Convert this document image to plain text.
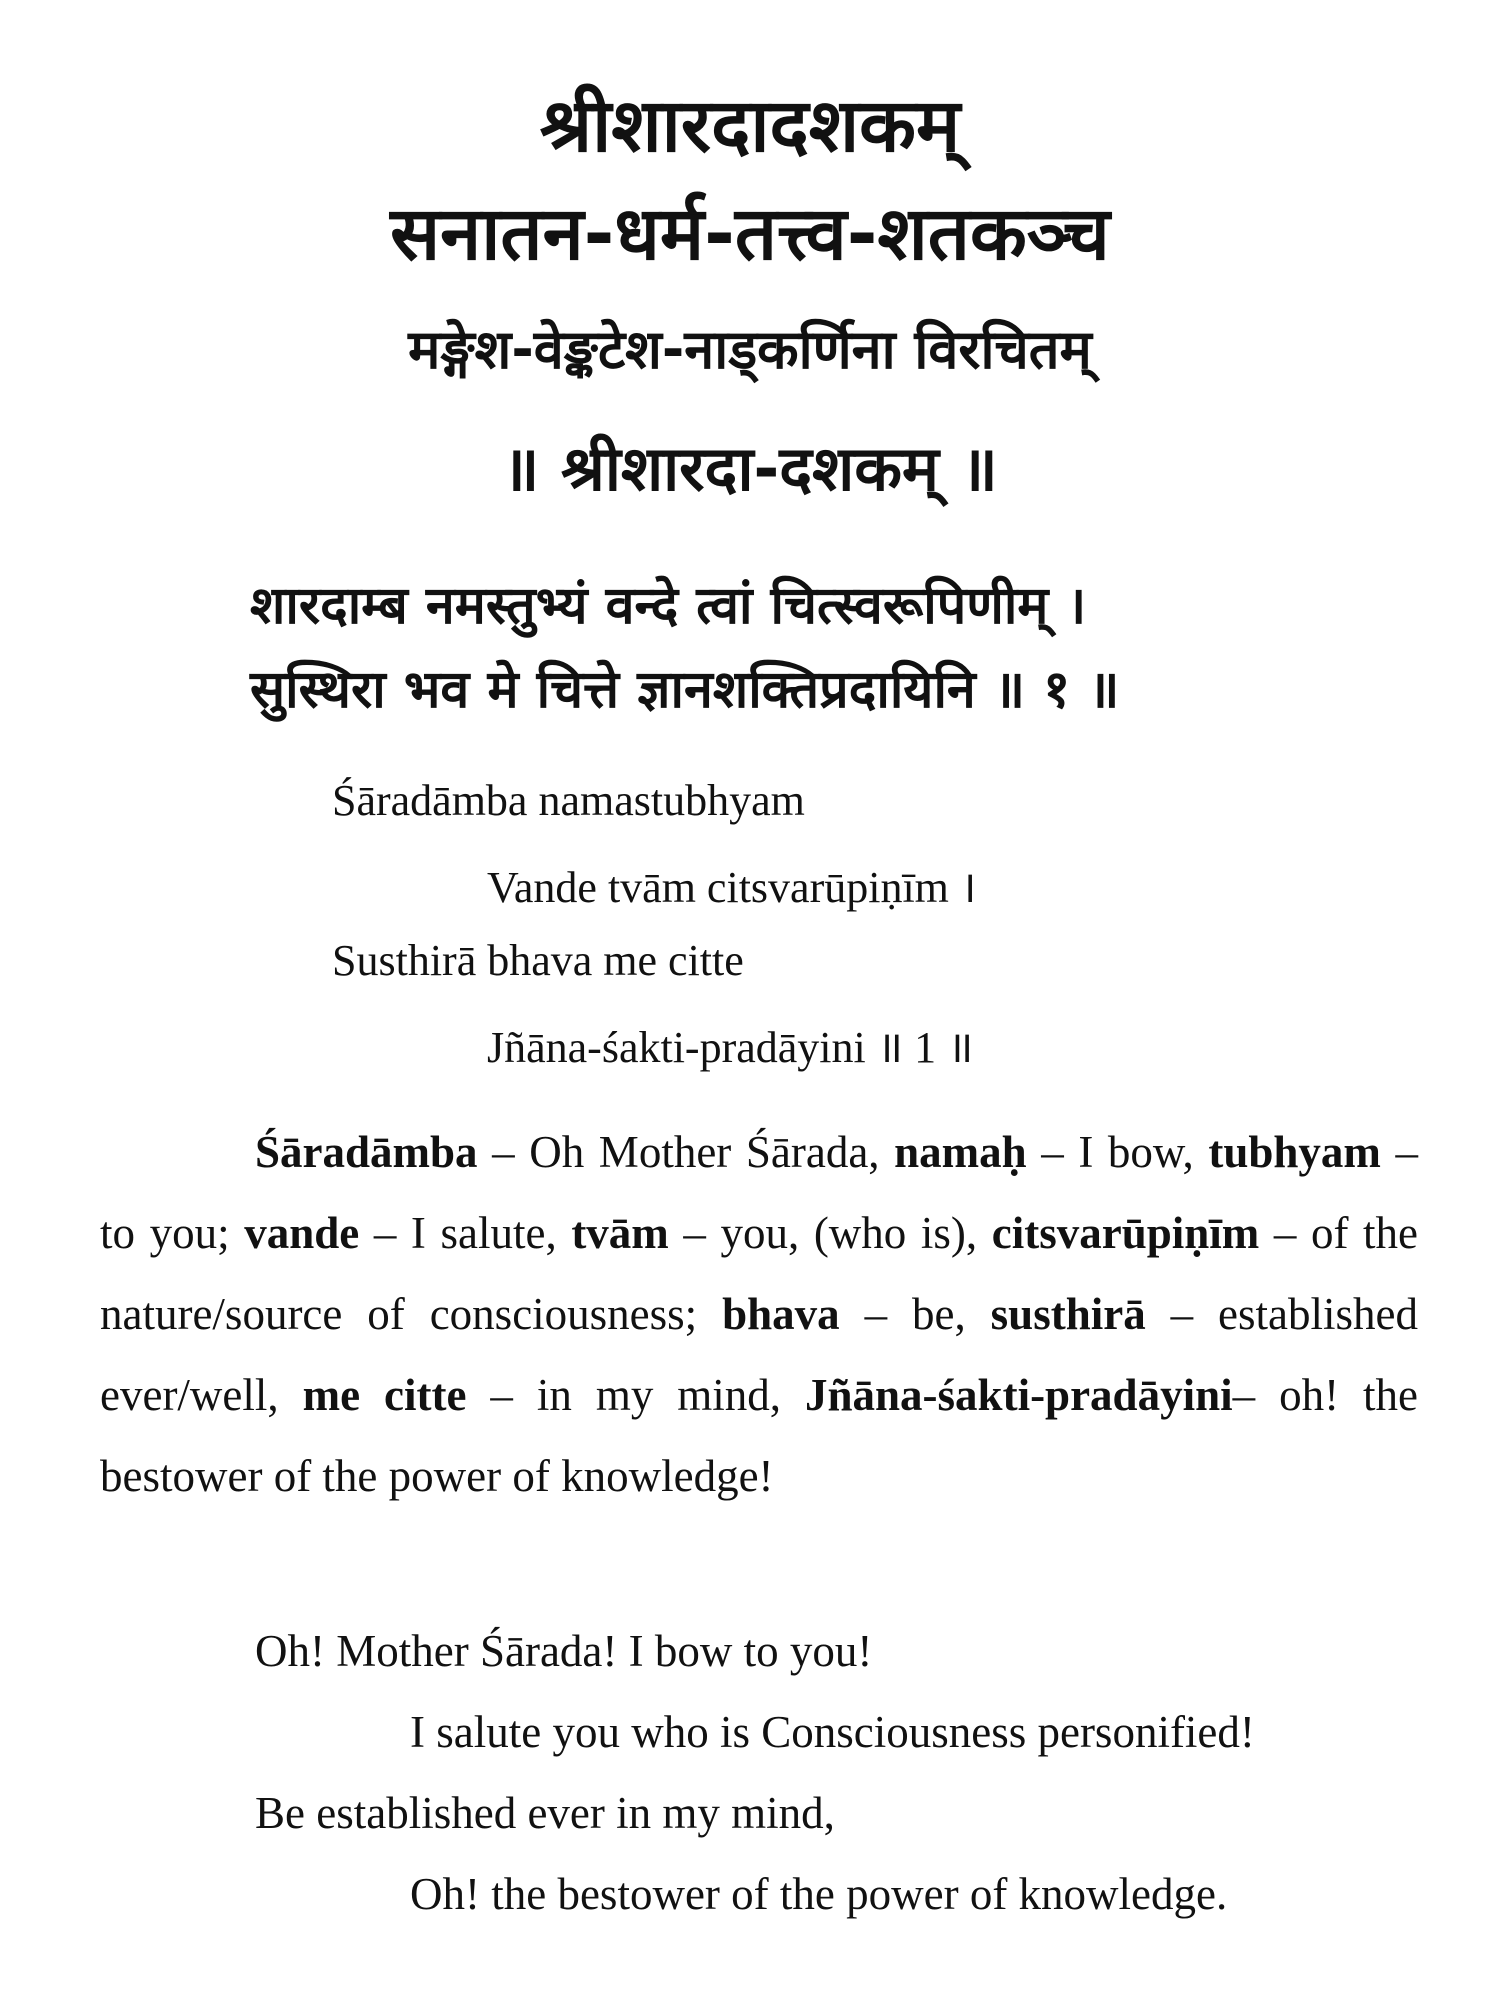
श्रीशारदादशकम्
सनातन-धर्म-तत्त्व-शतकञ्च
मङ्गेश-वेङ्कटेश-नाड्कर्णिना विरचितम्
॥ श्रीशारदा-दशकम् ॥
शारदाम्ब नमस्तुभ्यं वन्दे त्वां चित्स्वरूपिणीम् ।
सुस्थिरा भव मे चित्ते ज्ञानशक्तिप्रदायिनि ॥ १ ॥
Śāradāmba namastubhyam
Vande tvām citsvarūpiṇīm ।
Susthirā bhava me citte
Jñāna-śakti-pradāyini ॥ 1 ॥

Śāradāmba – Oh Mother Śārada, namaḥ – I bow, tubhyam – to you; vande – I salute, tvām – you, (who is), citsvarūpiṇīm – of the nature/source of consciousness; bhava – be, susthirā – established ever/well, me citte – in my mind, Jñāna-śakti-pradāyini– oh! the bestower of the power of knowledge!

Oh! Mother Śārada! I bow to you!
I salute you who is Consciousness personified!
Be established ever in my mind,
Oh! the bestower of the power of knowledge.
